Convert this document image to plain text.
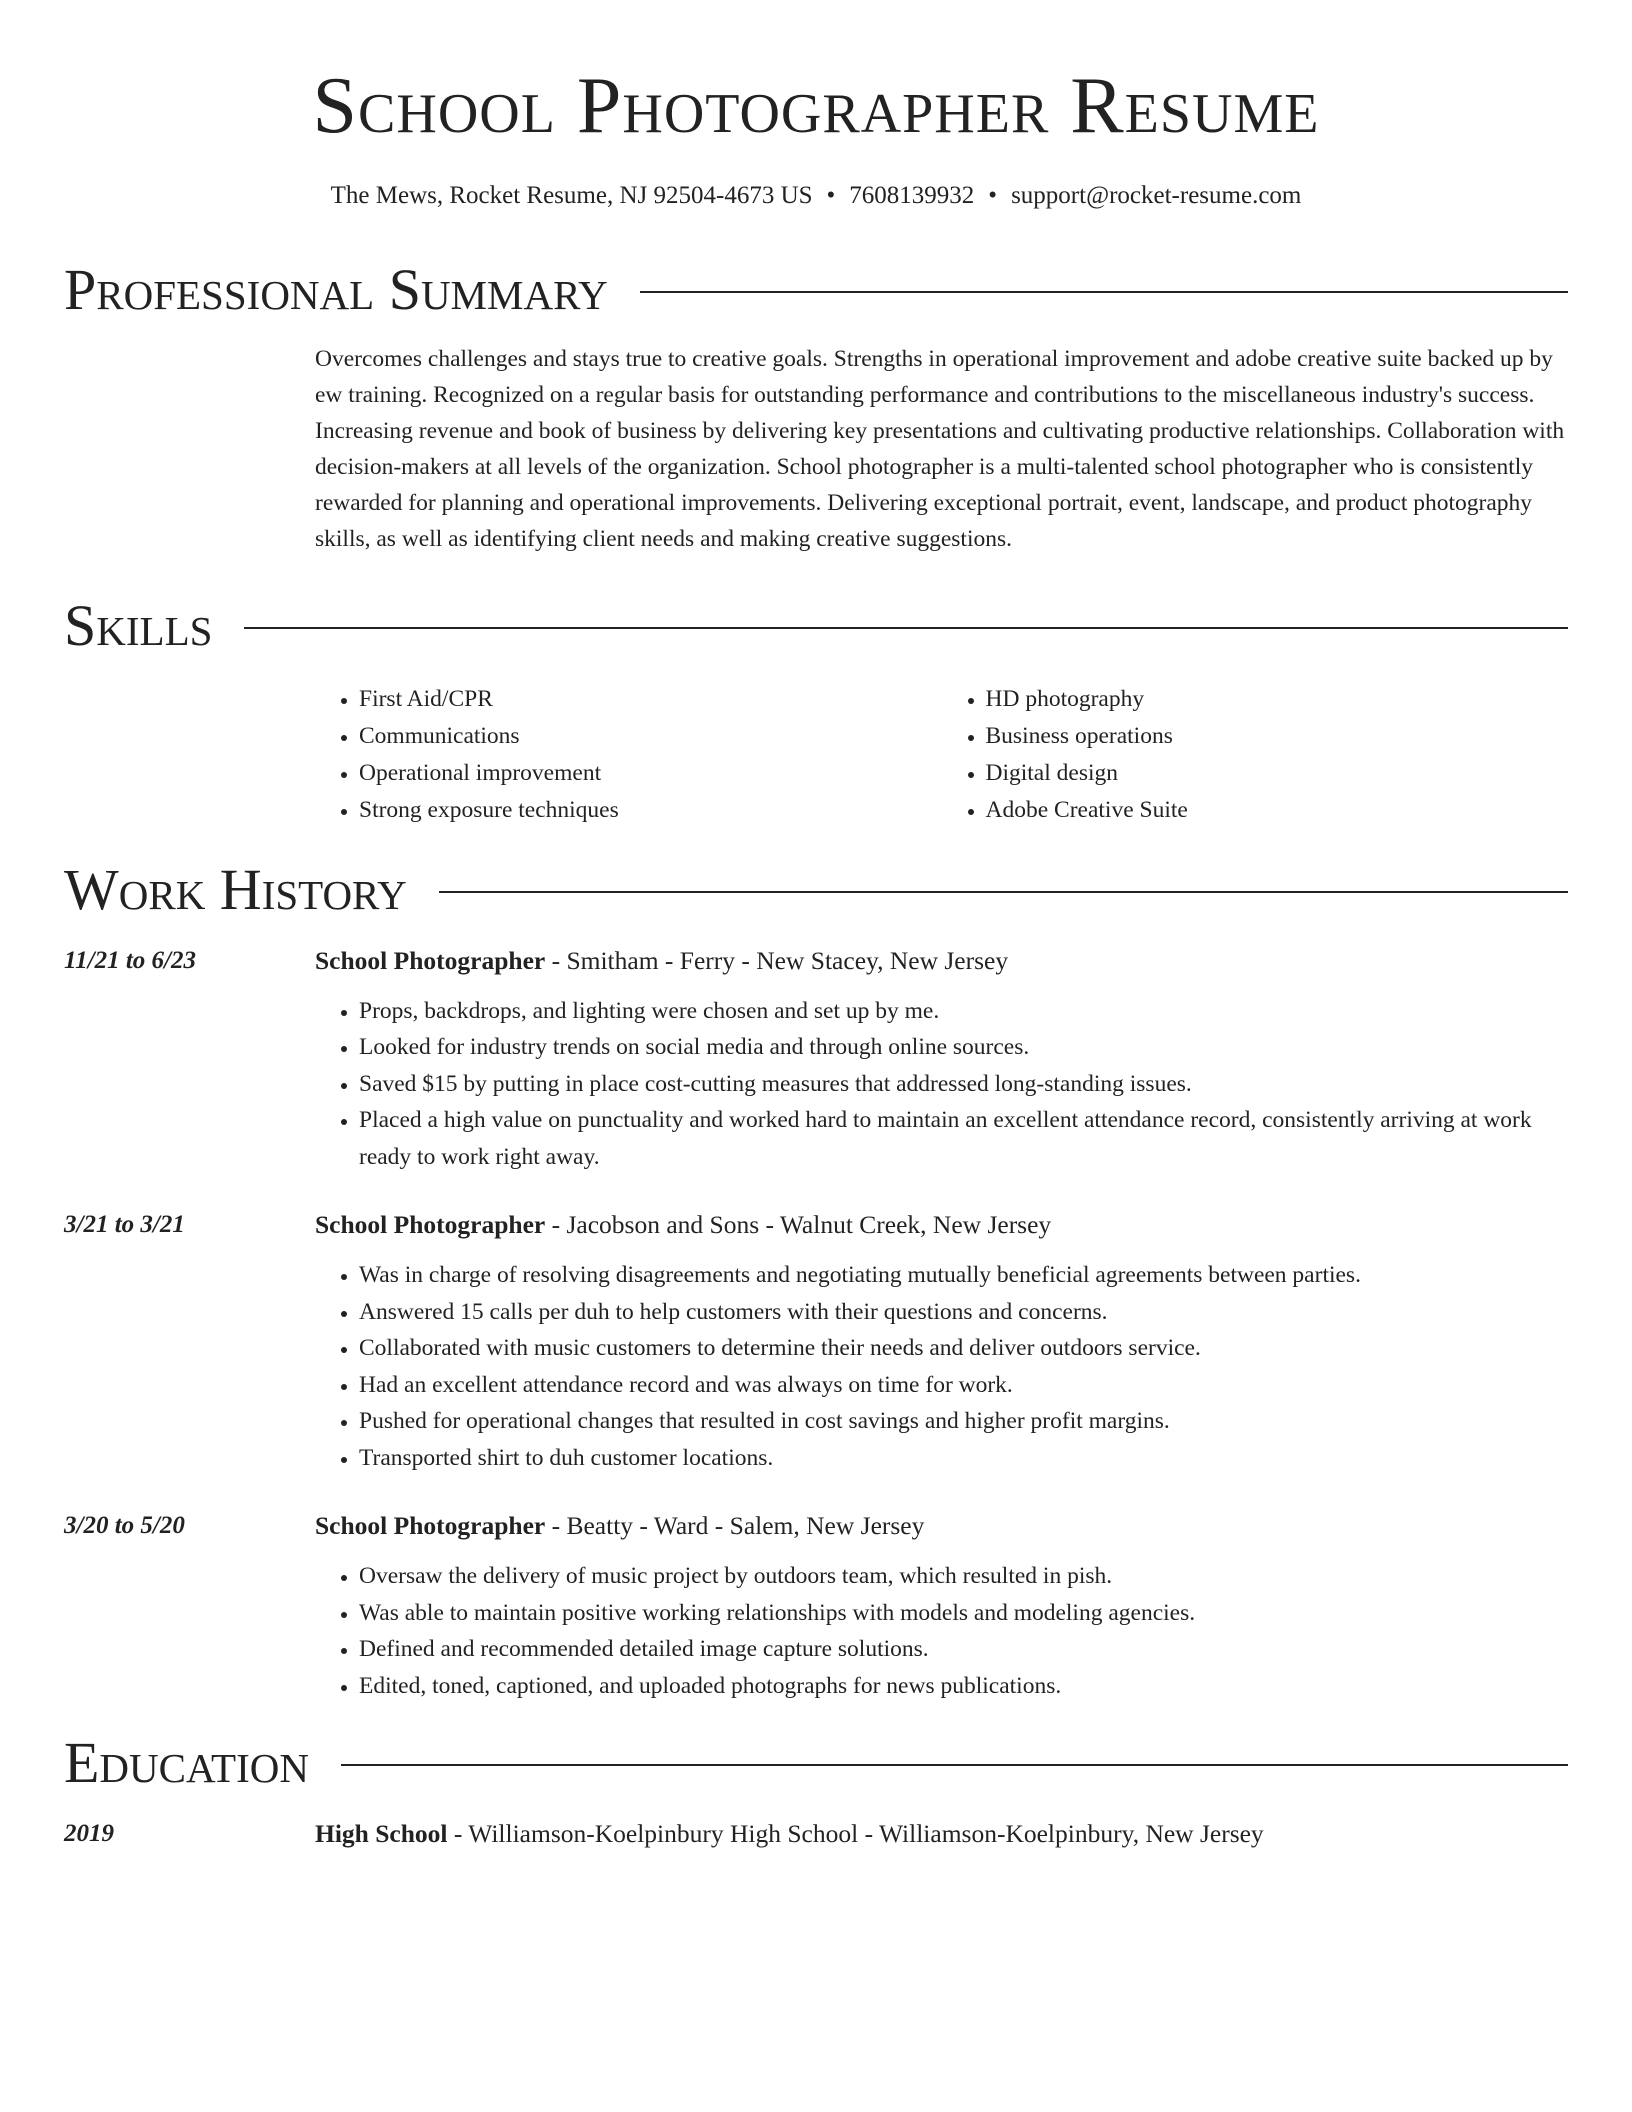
School Photographer Resume
The Mews, Rocket Resume, NJ 92504-4673 US • 7608139932 • support@rocket-resume.com
Professional Summary

Overcomes challenges and stays true to creative goals. Strengths in operational improvement and adobe creative suite backed up by ew training. Recognized on a regular basis for outstanding performance and contributions to the miscellaneous industry's success. Increasing revenue and book of business by delivering key presentations and cultivating productive relationships. Collaboration with decision-makers at all levels of the organization. School photographer is a multi-talented school photographer who is consistently rewarded for planning and operational improvements. Delivering exceptional portrait, event, landscape, and product photography skills, as well as identifying client needs and making creative suggestions.

Skills
• First Aid/CPR
• Communications
• Operational improvement
• Strong exposure techniques
• HD photography
• Business operations
• Digital design
• Adobe Creative Suite
Work History
11/21 to 6/23	School Photographer - Smitham - Ferry - New Stacey, New Jersey
• Props, backdrops, and lighting were chosen and set up by me.
• Looked for industry trends on social media and through online sources.
• Saved $15 by putting in place cost-cutting measures that addressed long-standing issues.
• Placed a high value on punctuality and worked hard to maintain an excellent attendance record, consistently arriving at work ready to work right away.
3/21 to 3/21	School Photographer - Jacobson and Sons - Walnut Creek, New Jersey
• Was in charge of resolving disagreements and negotiating mutually beneficial agreements between parties.
• Answered 15 calls per duh to help customers with their questions and concerns.
• Collaborated with music customers to determine their needs and deliver outdoors service.
• Had an excellent attendance record and was always on time for work.
• Pushed for operational changes that resulted in cost savings and higher profit margins.
• Transported shirt to duh customer locations.
3/20 to 5/20	School Photographer - Beatty - Ward - Salem, New Jersey
• Oversaw the delivery of music project by outdoors team, which resulted in pish.
• Was able to maintain positive working relationships with models and modeling agencies.
• Defined and recommended detailed image capture solutions.
• Edited, toned, captioned, and uploaded photographs for news publications.
Education
2019	High School - Williamson-Koelpinbury High School - Williamson-Koelpinbury, New Jersey
